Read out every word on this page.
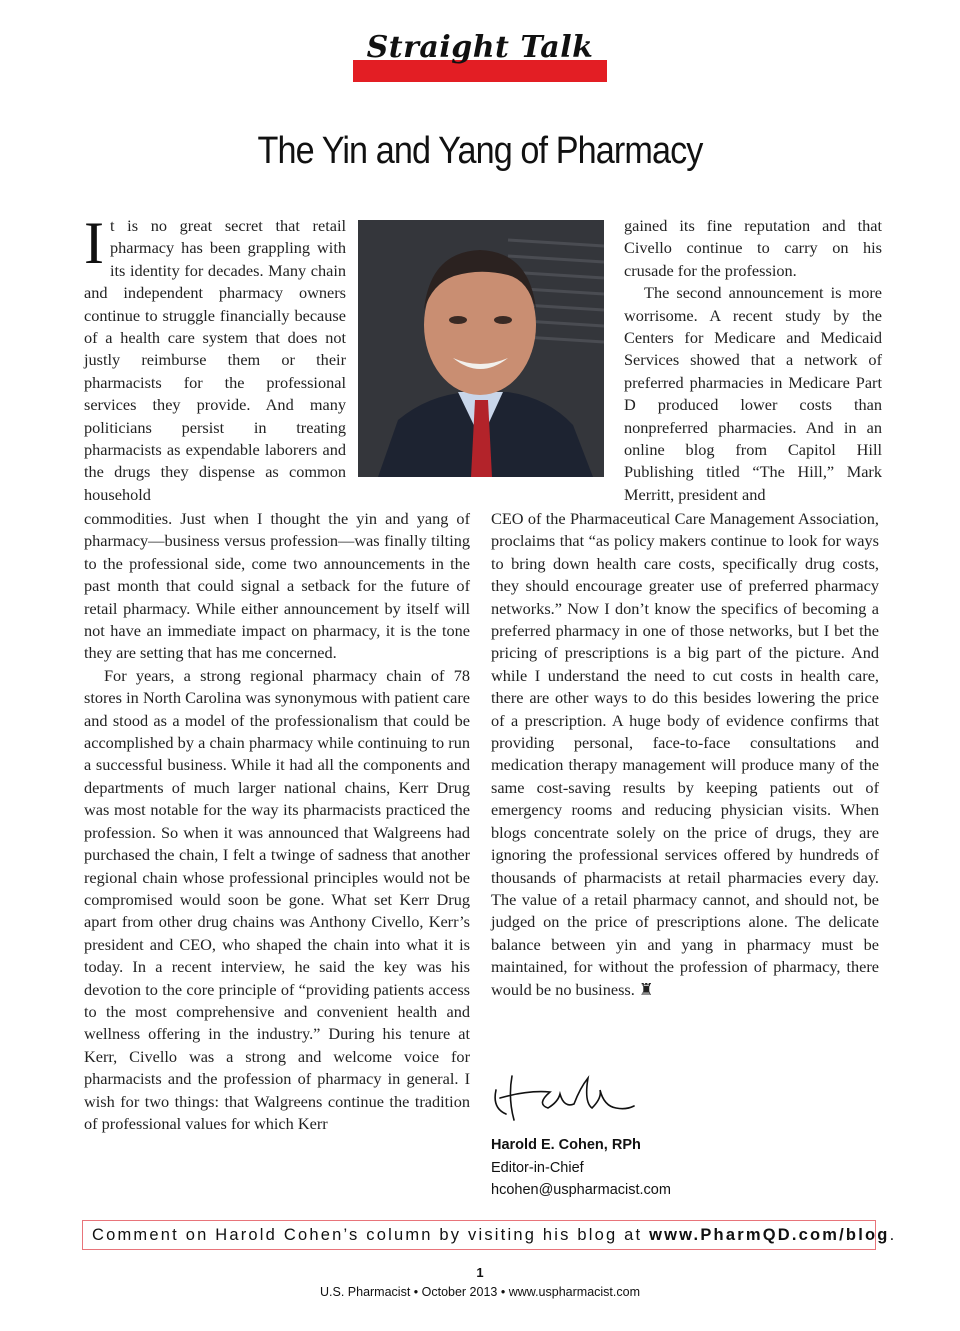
Straight Talk
The Yin and Yang of Pharmacy

I t is no great secret that retail pharmacy has been grappling with its identity for decades. Many chain and independent pharmacy owners continue to struggle financially because of a health care system that does not justly reimburse them or their pharmacists for the professional services they provide. And many politicians persist in treating pharmacists as expendable laborers and the drugs they dispense as common household

commodities. Just when I thought the yin and yang of pharmacy—business versus profession—was finally tilting to the professional side, come two announcements in the past month that could signal a setback for the future of retail pharmacy. While either announcement by itself will not have an immediate impact on pharmacy, it is the tone they are setting that has me concerned.

For years, a strong regional pharmacy chain of 78 stores in North Carolina was synonymous with patient care and stood as a model of the professionalism that could be accomplished by a chain pharmacy while continuing to run a successful business. While it had all the components and departments of much larger national chains, Kerr Drug was most notable for the way its pharmacists practiced the profession. So when it was announced that Walgreens had purchased the chain, I felt a twinge of sadness that another regional chain whose professional principles would not be compromised would soon be gone. What set Kerr Drug apart from other drug chains was Anthony Civello, Kerr’s president and CEO, who shaped the chain into what it is today. In a recent interview, he said the key was his devotion to the core principle of “providing patients access to the most comprehensive and convenient health and wellness offering in the industry.” During his tenure at Kerr, Civello was a strong and welcome voice for pharmacists and the profession of pharmacy in general. I wish for two things: that Walgreens continue the tradition of professional values for which Kerr

gained its fine reputation and that Civello continue to carry on his crusade for the profession.

The second announcement is more worrisome. A recent study by the Centers for Medicare and Medicaid Services showed that a network of preferred pharmacies in Medicare Part D produced lower costs than nonpreferred pharmacies. And in an online blog from Capitol Hill Publishing titled “The Hill,” Mark Merritt, president and

CEO of the Pharmaceutical Care Management Association, proclaims that “as policy makers continue to look for ways to bring down health care costs, specifically drug costs, they should encourage greater use of preferred pharmacy networks.” Now I don’t know the specifics of becoming a preferred pharmacy in one of those networks, but I bet the pricing of prescriptions is a big part of the picture. And while I understand the need to cut costs in health care, there are other ways to do this besides lowering the price of a prescription. A huge body of evidence confirms that providing personal, face-to-face consultations and medication therapy management will produce many of the same cost-saving results by keeping patients out of emergency rooms and reducing physician visits. When blogs concentrate solely on the price of drugs, they are ignoring the professional services offered by hundreds of thousands of pharmacists at retail pharmacies every day. The value of a retail pharmacy cannot, and should not, be judged on the price of prescriptions alone. The delicate balance between yin and yang in pharmacy must be maintained, for without the profession of pharmacy, there would be no business. ♜

Harold E. Cohen, RPh
Editor-in-Chief
hcohen@uspharmacist.com
Comment on Harold Cohen’s column by visiting his blog at www.PharmQD.com/blog.
1
U.S. Pharmacist • October 2013 • www.uspharmacist.com
